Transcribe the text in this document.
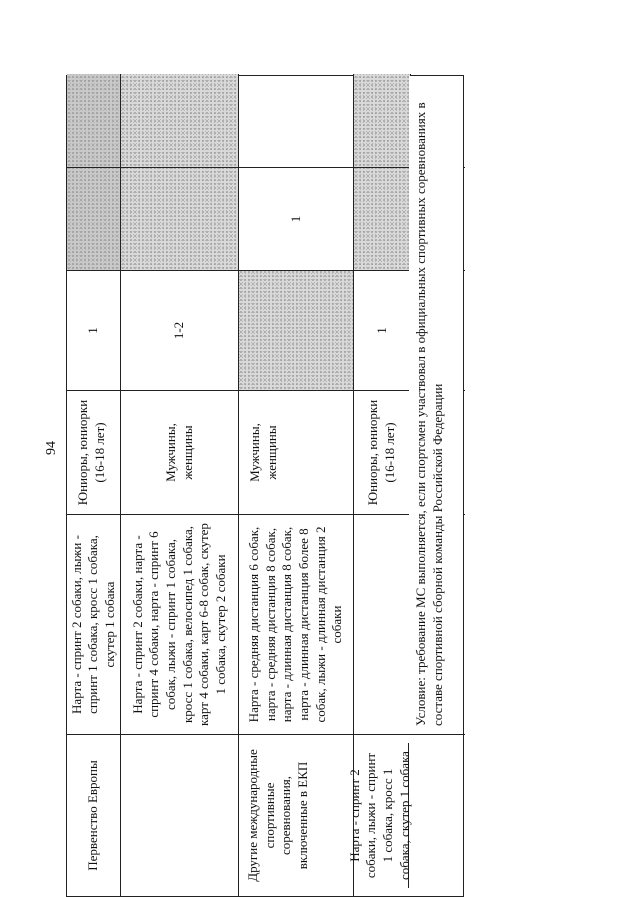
94
Первенство Европы
Нарта - спринт 2 собаки, лыжи - спринт 1 собака, кросс 1 собака, скутер 1 собака
Юниоры, юниорки (16-18 лет)
1
Нарта - спринт 2 собаки, нарта - спринт 4 собаки, нарта - спринт 6 собак, лыжи - спринт 1 собака, кросс 1 собака, велосипед 1 собака, карт 4 собаки, карт 6-8 собак, скутер 1 собака, скутер 2 собаки
Мужчины, женщины
1-2
Другие международные спортивные соревнования, включенные в ЕКП
Нарта - средняя дистанция 6 собак, нарта - средняя дистанция 8 собак, нарта - длинная дистанция 8 собак, нарта - длинная дистанция более 8 собак, лыжи - длинная дистанция 2 собаки
Мужчины, женщины
1
Нарта - спринт 2 собаки, лыжи - спринт 1 собака, кросс 1 собака, скутер 1 собака
Юниоры, юниорки (16-18 лет)
1	Условие: требование МС выполняется, если спортсмен участвовал в официальных спортивных соревнованиях в составе спортивной сборной команды Российской Федерации
